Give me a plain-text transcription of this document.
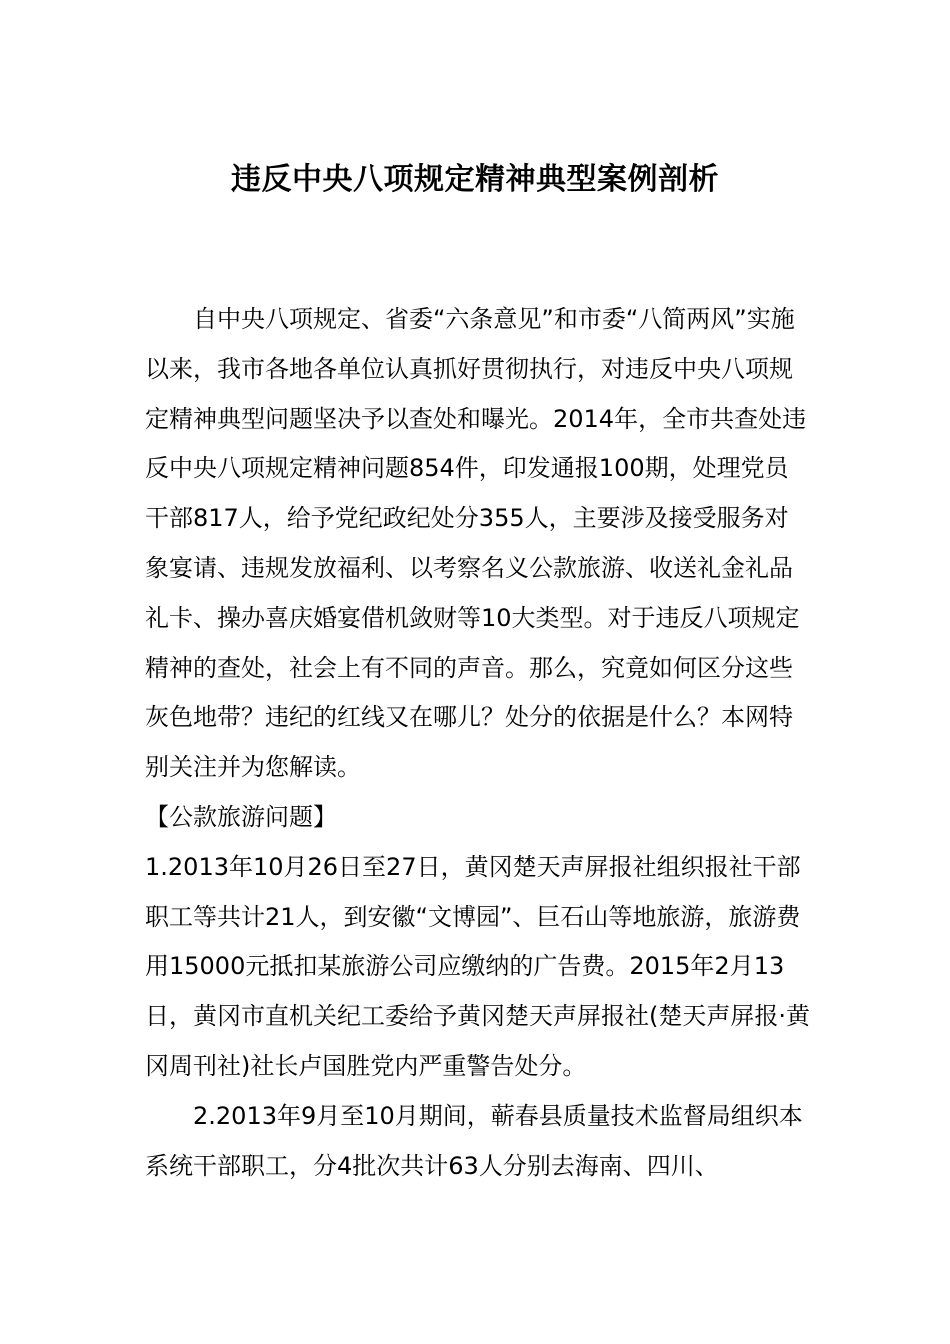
违反中央八项规定精神典型案例剖析

自中央八项规定、省委“六条意见”和市委“八简两风”实施以来，我市各地各单位认真抓好贯彻执行，对违反中央八项规定精神典型问题坚决予以查处和曝光。2014年，全市共查处违反中央八项规定精神问题854件，印发通报100期，处理党员干部817人，给予党纪政纪处分355人，主要涉及接受服务对象宴请、违规发放福利、以考察名义公款旅游、收送礼金礼品礼卡、操办喜庆婚宴借机敛财等10大类型。对于违反八项规定精神的查处，社会上有不同的声音。那么，究竟如何区分这些灰色地带？违纪的红线又在哪儿？处分的依据是什么？本网特别关注并为您解读。

【公款旅游问题】

1.2013年10月26日至27日，黄冈楚天声屏报社组织报社干部职工等共计21人，到安徽“文博园”、巨石山等地旅游，旅游费用15000元抵扣某旅游公司应缴纳的广告费。2015年2月13日，黄冈市直机关纪工委给予黄冈楚天声屏报社(楚天声屏报·黄冈周刊社)社长卢国胜党内严重警告处分。

2.2013年9月至10月期间，蕲春县质量技术监督局组织本系统干部职工，分4批次共计63人分别去海南、四川、
